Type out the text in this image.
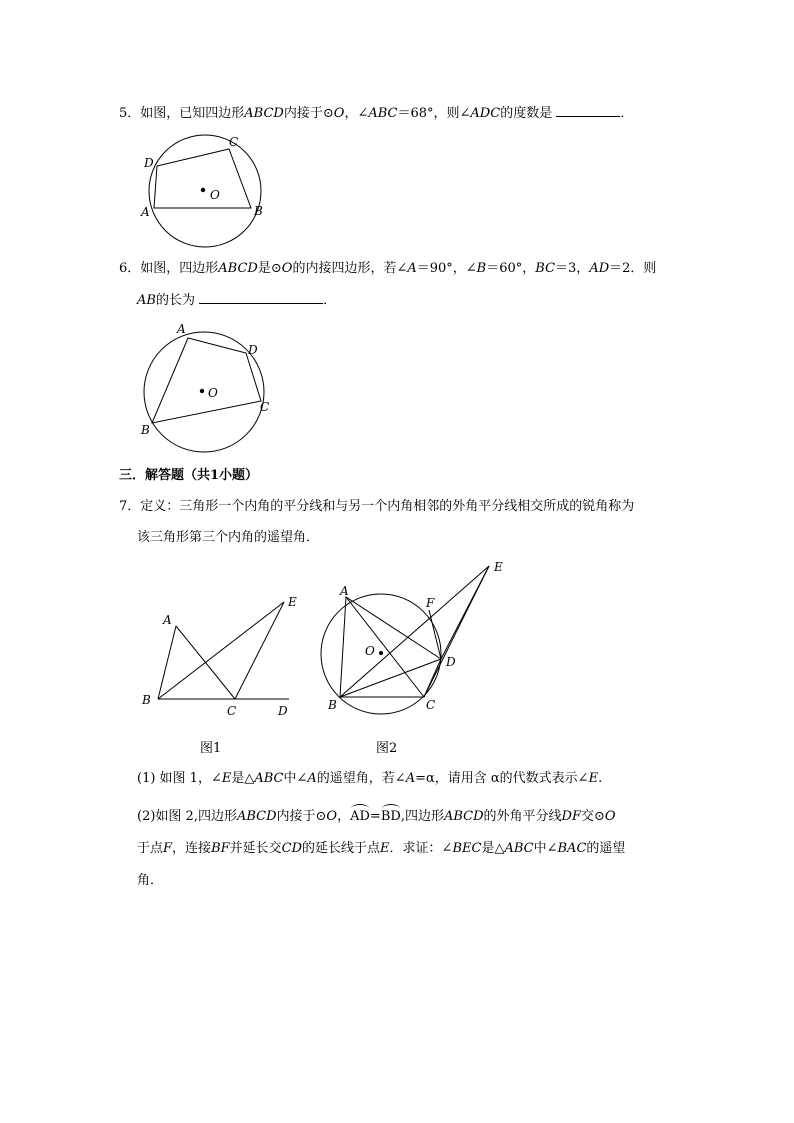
5．如图，已知四边形ABCD内接于⊙O，∠ABC＝68°，则∠ADC的度数是	．
D
C
O
A	B
6．如图，四边形ABCD是⊙O的内接四边形，若∠A＝90°，∠B＝60°，BC＝3，AD＝2．则
AB的长为	．
A
D
O
C
B
三．解答题（共1小题）
7．定义：三角形一个内角的平分线和与另一个内角相邻的外角平分线相交所成的锐角称为
该三角形第三个内角的遥望角．
A
E
B
C	D
A
E
F
O
D
B	C
图1	图2
(1) 如图 1，∠E是△ABC中∠A的遥望角，若∠A=α，请用含 α的代数式表示∠E.
(2)如图 2,四边形ABCD内接于⊙O，AD=BD,四边形ABCD的外角平分线DF交⊙O
于点F，连接BF并延长交CD的延长线于点E．求证：∠BEC是△ABC中∠BAC的遥望
角．
